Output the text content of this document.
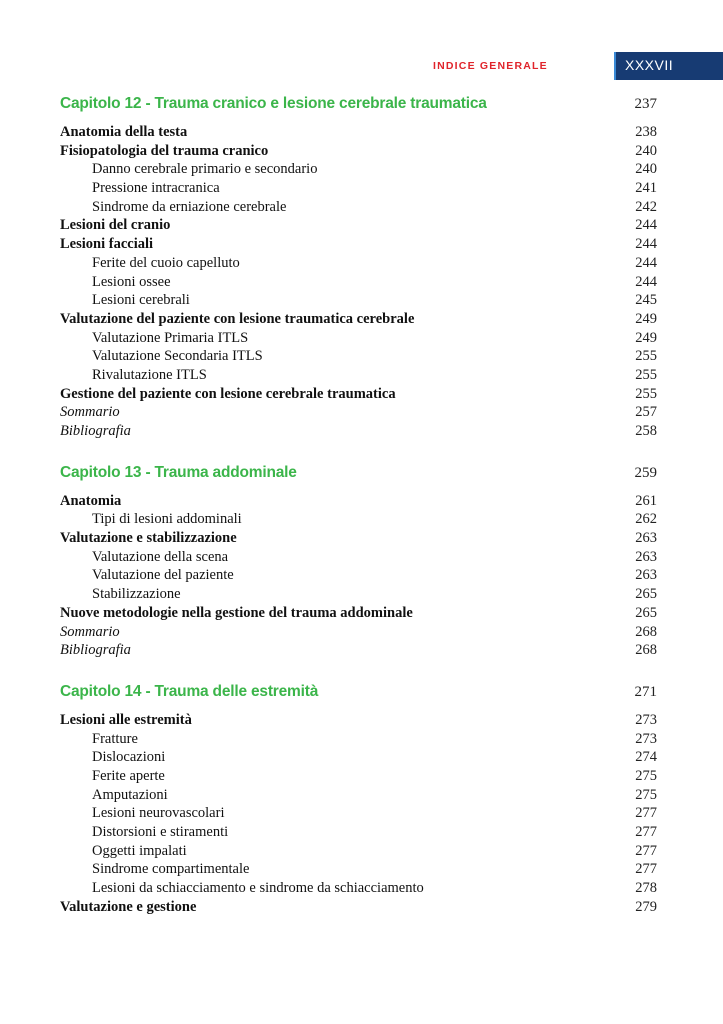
INDICE GENERALE	XXXVII
Capitolo 12 - Trauma cranico e lesione cerebrale traumatica	237
Anatomia della testa	238
Fisiopatologia del trauma cranico	240
Danno cerebrale primario e secondario	240
Pressione intracranica	241
Sindrome da erniazione cerebrale	242
Lesioni del cranio	244
Lesioni facciali	244
Ferite del cuoio capelluto	244
Lesioni ossee	244
Lesioni cerebrali	245
Valutazione del paziente con lesione traumatica cerebrale	249
Valutazione Primaria ITLS	249
Valutazione Secondaria ITLS	255
Rivalutazione ITLS	255
Gestione del paziente con lesione cerebrale traumatica	255
Sommario	257
Bibliografia	258
Capitolo 13 - Trauma addominale	259
Anatomia	261
Tipi di lesioni addominali	262
Valutazione e stabilizzazione	263
Valutazione della scena	263
Valutazione del paziente	263
Stabilizzazione	265
Nuove metodologie nella gestione del trauma addominale	265
Sommario	268
Bibliografia	268
Capitolo 14 - Trauma delle estremità	271
Lesioni alle estremità	273
Fratture	273
Dislocazioni	274
Ferite aperte	275
Amputazioni	275
Lesioni neurovascolari	277
Distorsioni e stiramenti	277
Oggetti impalati	277
Sindrome compartimentale	277
Lesioni da schiacciamento e sindrome da schiacciamento	278
Valutazione e gestione	279
